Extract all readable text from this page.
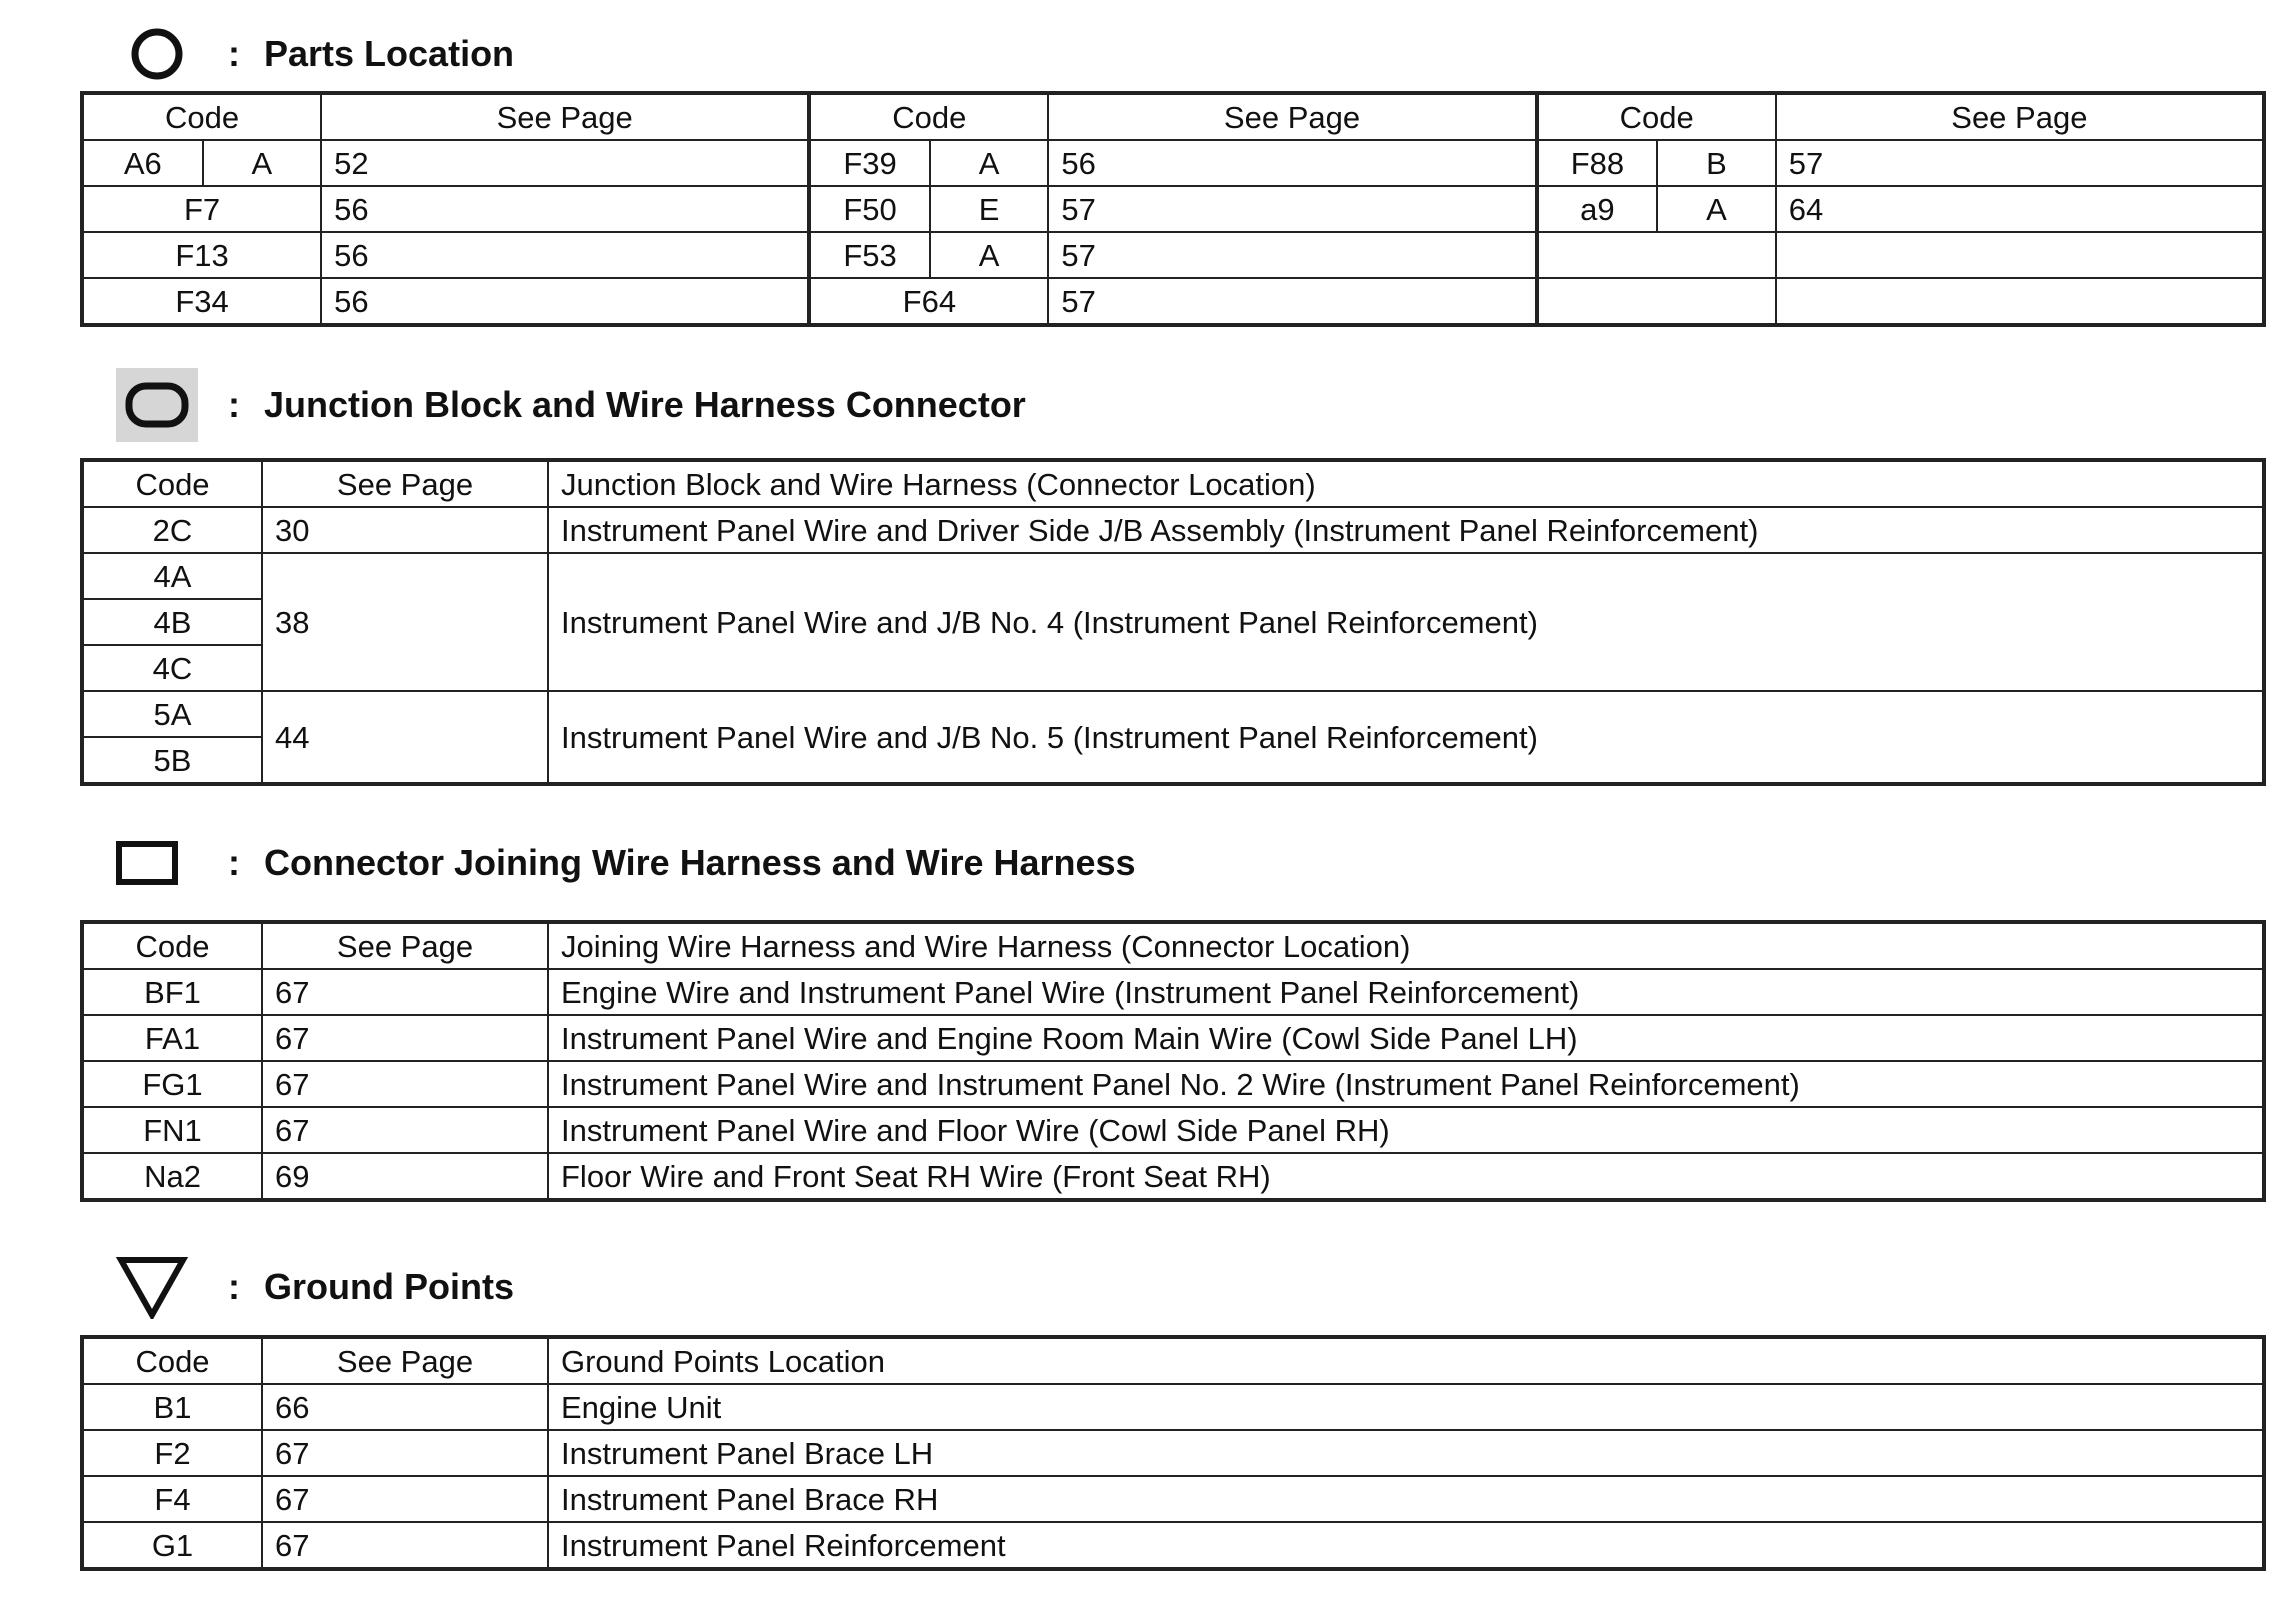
: Parts Location
Code		See Page	Code		See Page	Code		See Page
A6	A	52	F39	A	56	F88	B	57
F7		56	F50	E	57	a9	A	64
F13		56	F53	A	57			
F34		56	F64		57			
: Junction Block and Wire Harness Connector
Code	See Page	Junction Block and Wire Harness (Connector Location)
2C	30	Instrument Panel Wire and Driver Side J/B Assembly (Instrument Panel Reinforcement)
4A	38	Instrument Panel Wire and J/B No. 4 (Instrument Panel Reinforcement)
4B		
4C		
5A	44	Instrument Panel Wire and J/B No. 5 (Instrument Panel Reinforcement)
5B		
: Connector Joining Wire Harness and Wire Harness
Code	See Page	Joining Wire Harness and Wire Harness (Connector Location)
BF1	67	Engine Wire and Instrument Panel Wire (Instrument Panel Reinforcement)
FA1	67	Instrument Panel Wire and Engine Room Main Wire (Cowl Side Panel LH)
FG1	67	Instrument Panel Wire and Instrument Panel No. 2 Wire (Instrument Panel Reinforcement)
FN1	67	Instrument Panel Wire and Floor Wire (Cowl Side Panel RH)
Na2	69	Floor Wire and Front Seat RH Wire (Front Seat RH)
: Ground Points
Code	See Page	Ground Points Location
B1	66	Engine Unit
F2	67	Instrument Panel Brace LH
F4	67	Instrument Panel Brace RH
G1	67	Instrument Panel Reinforcement
